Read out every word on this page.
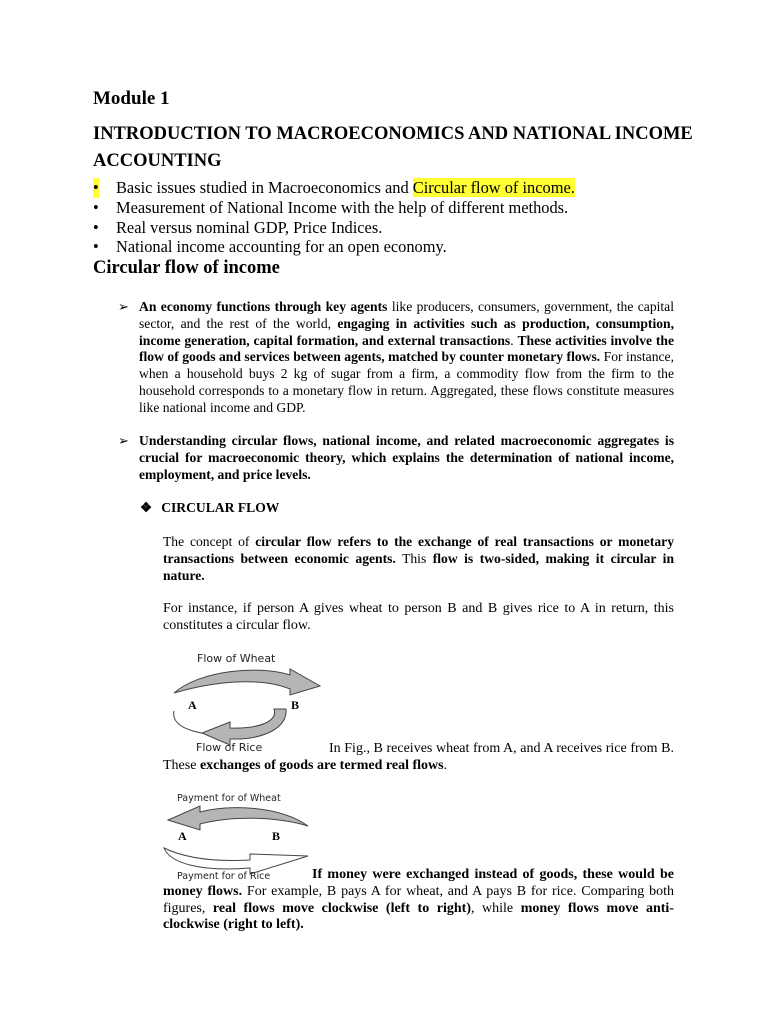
Module 1
INTRODUCTION TO MACROECONOMICS AND NATIONAL INCOME ACCOUNTING
• Basic issues studied in Macroeconomics and Circular flow of income.
• Measurement of National Income with the help of different methods.
• Real versus nominal GDP, Price Indices.
• National income accounting for an open economy.
Circular flow of income
➢ An economy functions through key agents like producers, consumers, government, the capital sector, and the rest of the world, engaging in activities such as production, consumption, income generation, capital formation, and external transactions. These activities involve the flow of goods and services between agents, matched by counter monetary flows. For instance, when a household buys 2 kg of sugar from a firm, a commodity flow from the firm to the household corresponds to a monetary flow in return. Aggregated, these flows constitute measures like national income and GDP.
➢ Understanding circular flows, national income, and related macroeconomic aggregates is crucial for macroeconomic theory, which explains the determination of national income, employment, and price levels.
❖ CIRCULAR FLOW
The concept of circular flow refers to the exchange of real transactions or monetary transactions between economic agents. This flow is two-sided, making it circular in nature.
For instance, if person A gives wheat to person B and B gives rice to A in return, this constitutes a circular flow.
Flow of Wheat
A	B
Flow of Rice	In Fig., B receives wheat from A, and A receives rice from B. These exchanges of goods are termed real flows.
Payment for of Wheat
A	B
Payment for of Rice	If money were exchanged instead of goods, these would be money flows. For example, B pays A for wheat, and A pays B for rice. Comparing both figures, real flows move clockwise (left to right), while money flows move anti-clockwise (right to left).
